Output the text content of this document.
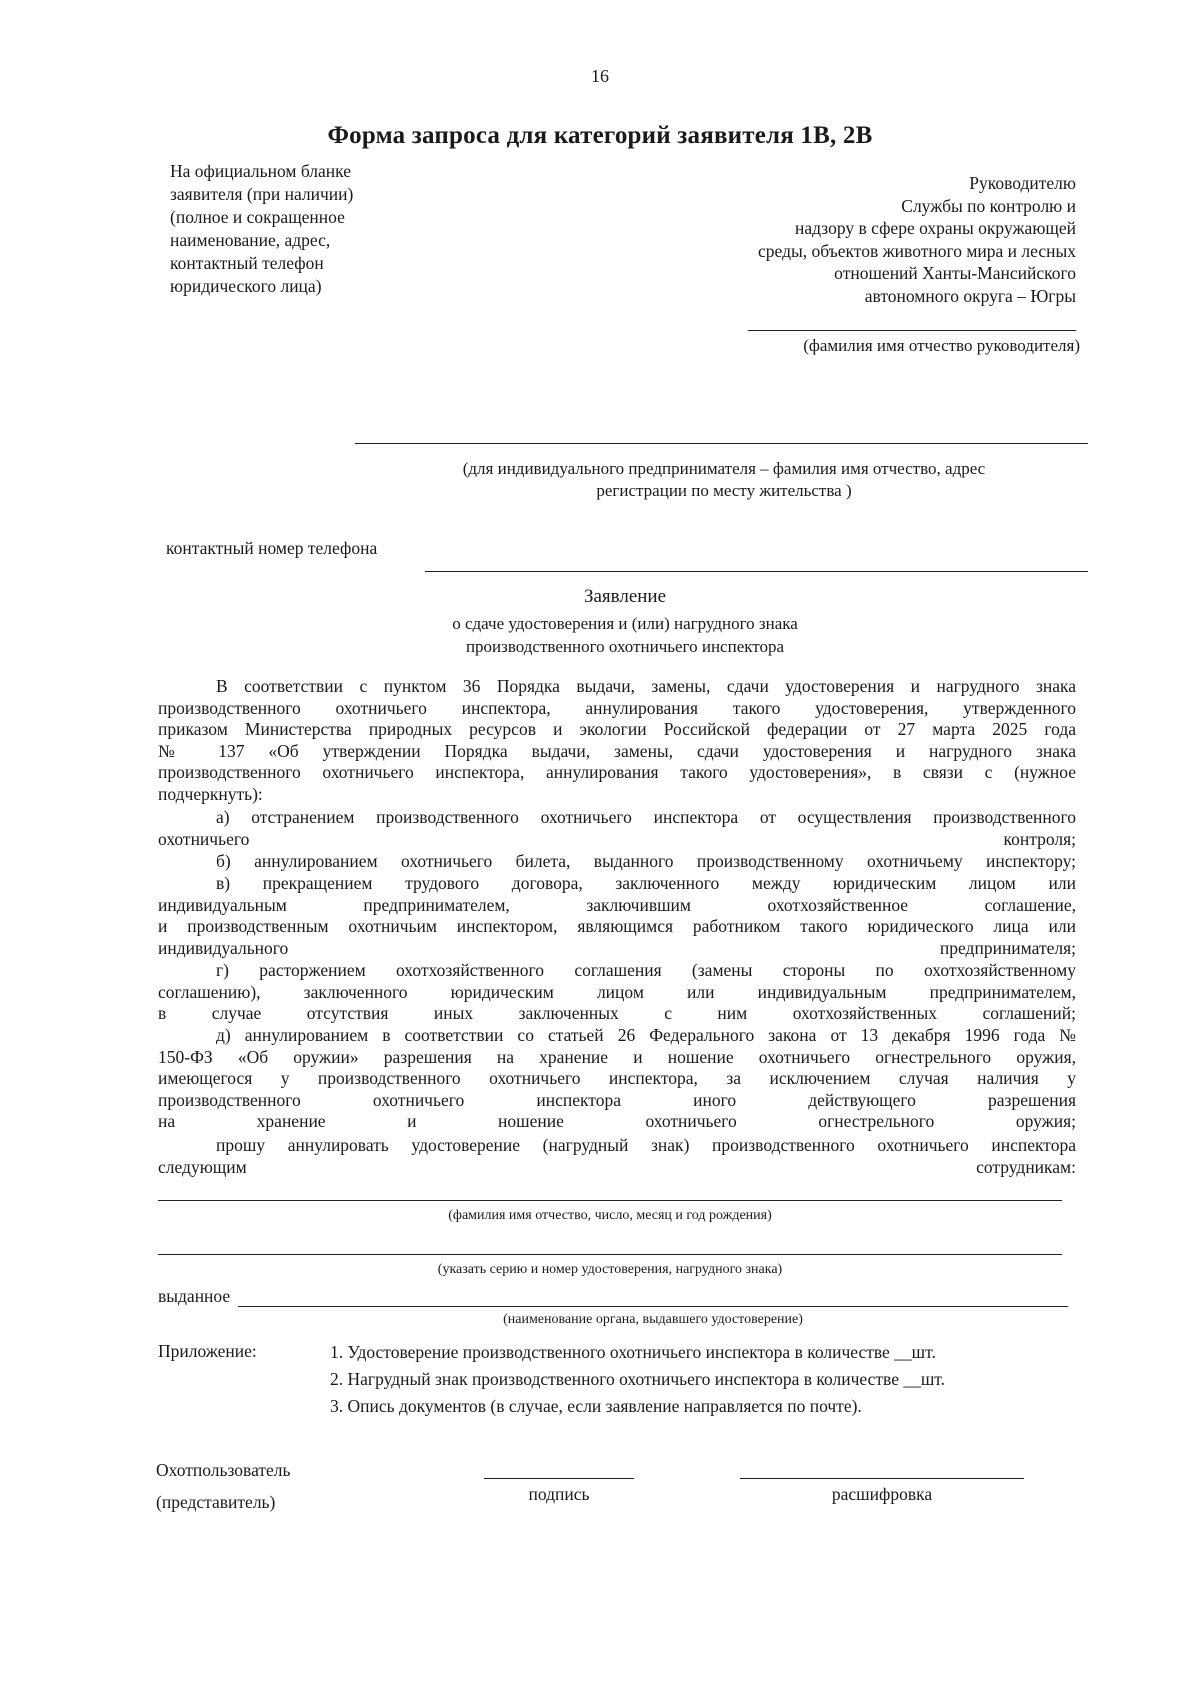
16
Форма запроса для категорий заявителя 1В, 2В
На официальном бланке
заявителя (при наличии)
(полное и сокращенное
наименование, адрес,
контактный телефон
юридического лица)
Руководителю
Службы по контролю и
надзору в сфере охраны окружающей
среды, объектов животного мира и лесных
отношений Ханты-Мансийского
автономного округа – Югры
(фамилия имя отчество руководителя)
(для индивидуального предпринимателя – фамилия имя отчество, адрес
регистрации по месту жительства )
контактный номер телефона
Заявление
о сдаче удостоверения и (или) нагрудного знака
производственного охотничьего инспектора
В соответствии с пунктом 36 Порядка выдачи, замены, сдачи удостоверения и нагрудного знака
производственного охотничьего инспектора, аннулирования такого удостоверения, утвержденного
приказом Министерства природных ресурсов и экологии Российской федерации от 27 марта 2025 года
№ 137 «Об утверждении Порядка выдачи, замены, сдачи удостоверения и нагрудного знака
производственного охотничьего инспектора, аннулирования такого удостоверения», в связи с (нужное
подчеркнуть):
а) отстранением производственного охотничьего инспектора от осуществления производственного
охотничьего контроля;
б) аннулированием охотничьего билета, выданного производственному охотничьему инспектору;
в) прекращением трудового договора, заключенного между юридическим лицом или
индивидуальным предпринимателем, заключившим охотхозяйственное соглашение,
и производственным охотничьим инспектором, являющимся работником такого юридического лица или
индивидуального предпринимателя;
г) расторжением охотхозяйственного соглашения (замены стороны по охотхозяйственному
соглашению), заключенного юридическим лицом или индивидуальным предпринимателем,
в случае отсутствия иных заключенных с ним охотхозяйственных соглашений;
д) аннулированием в соответствии со статьей 26 Федерального закона от 13 декабря 1996 года №
150-ФЗ «Об оружии» разрешения на хранение и ношение охотничьего огнестрельного оружия,
имеющегося у производственного охотничьего инспектора, за исключением случая наличия у
производственного охотничьего инспектора иного действующего разрешения
на хранение и ношение охотничьего огнестрельного оружия;
прошу аннулировать удостоверение (нагрудный знак) производственного охотничьего инспектора
следующим сотрудникам:
(фамилия имя отчество, число, месяц и год рождения)
(указать серию и номер удостоверения, нагрудного знака)
выданное
(наименование органа, выдавшего удостоверение)
Приложение:	1. Удостоверение производственного охотничьего инспектора в количестве __шт.
2. Нагрудный знак производственного охотничьего инспектора в количестве __шт.
3. Опись документов (в случае, если заявление направляется по почте).
Охотпользователь
(представитель)	подпись	расшифровка
